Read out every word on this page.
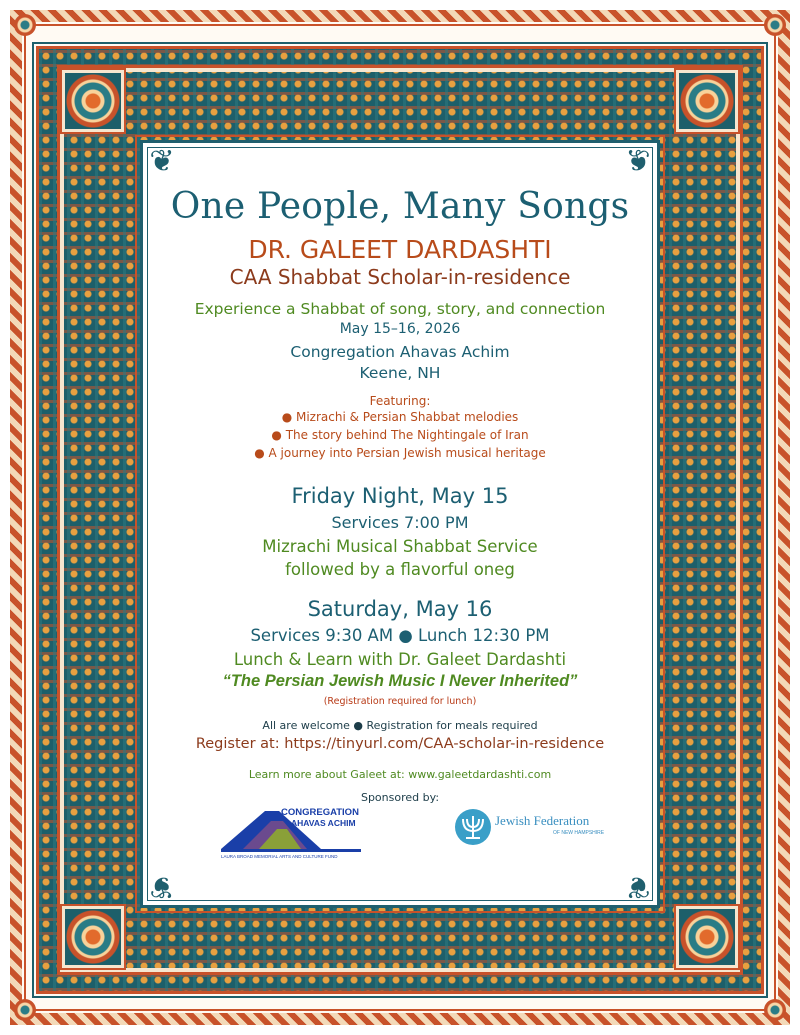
❦	❦
❦	❦
One People, Many Songs
DR. GALEET DARDASHTI
CAA Shabbat Scholar-in-residence
Experience a Shabbat of song, story, and connection
May 15–16, 2026
Congregation Ahavas Achim
Keene, NH
Featuring:
● Mizrachi & Persian Shabbat melodies
● The story behind The Nightingale of Iran
● A journey into Persian Jewish musical heritage
Friday Night, May 15
Services 7:00 PM
Mizrachi Musical Shabbat Service
followed by a flavorful oneg
Saturday, May 16
Services 9:30 AM ● Lunch 12:30 PM
Lunch & Learn with Dr. Galeet Dardashti
“The Persian Jewish Music I Never Inherited”
(Registration required for lunch)
All are welcome ● Registration for meals required
Register at: https://tinyurl.com/CAA-scholar-in-residence
Learn more about Galeet at: www.galeetdardashti.com
Sponsored by:
CONGREGATION
AHAVAS ACHIM
LAURA BROAD MEMORIAL ARTS AND CULTURE FUND
Jewish Federation
OF NEW HAMPSHIRE
